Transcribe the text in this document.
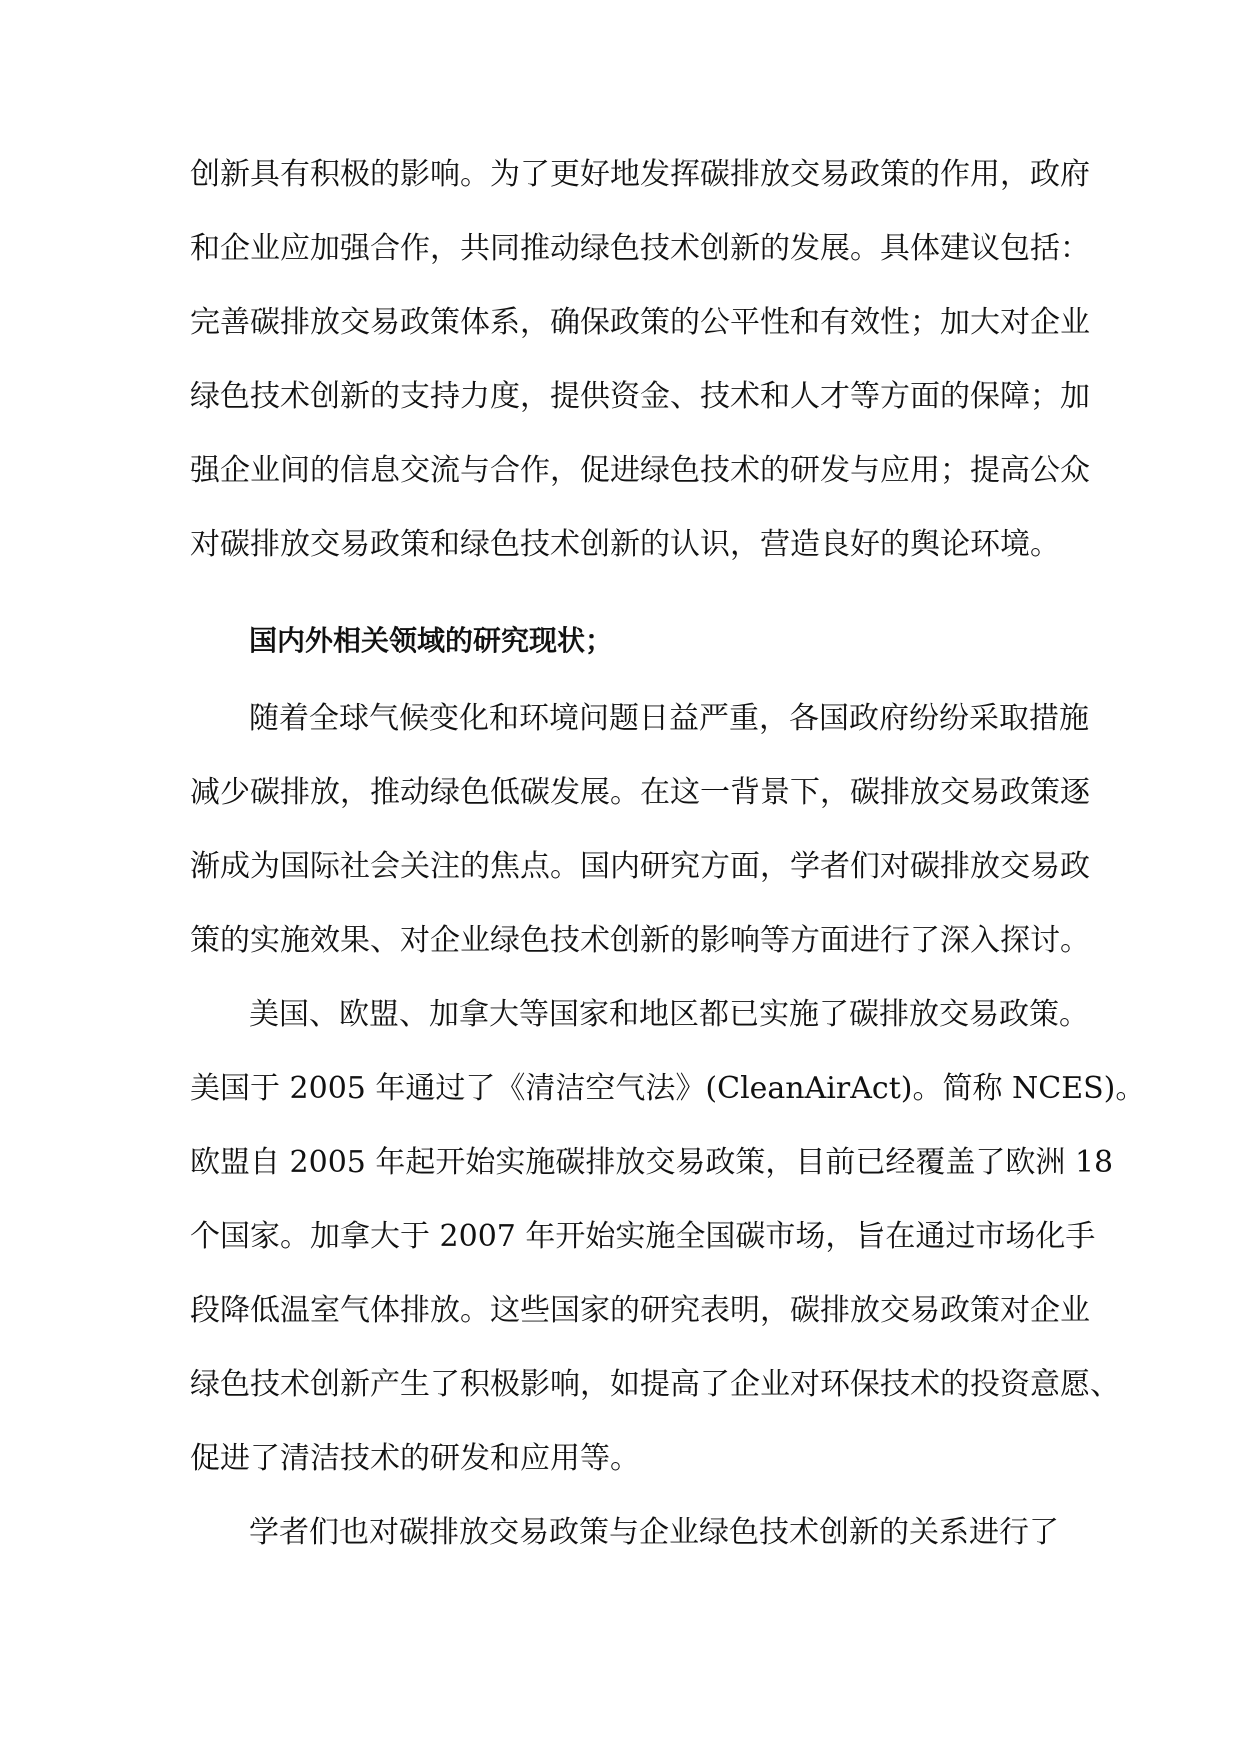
创新具有积极的影响。为了更好地发挥碳排放交易政策的作用，政府
和企业应加强合作，共同推动绿色技术创新的发展。具体建议包括：
完善碳排放交易政策体系，确保政策的公平性和有效性；加大对企业
绿色技术创新的支持力度，提供资金、技术和人才等方面的保障；加
强企业间的信息交流与合作，促进绿色技术的研发与应用；提高公众
对碳排放交易政策和绿色技术创新的认识，营造良好的舆论环境。
国内外相关领域的研究现状；
随着全球气候变化和环境问题日益严重，各国政府纷纷采取措施
减少碳排放，推动绿色低碳发展。在这一背景下，碳排放交易政策逐
渐成为国际社会关注的焦点。国内研究方面，学者们对碳排放交易政
策的实施效果、对企业绿色技术创新的影响等方面进行了深入探讨。
美国、欧盟、加拿大等国家和地区都已实施了碳排放交易政策。
美国于 2005 年通过了《清洁空气法》(CleanAirAct)。简称 NCES)。
欧盟自 2005 年起开始实施碳排放交易政策，目前已经覆盖了欧洲 18
个国家。加拿大于 2007 年开始实施全国碳市场，旨在通过市场化手
段降低温室气体排放。这些国家的研究表明，碳排放交易政策对企业
绿色技术创新产生了积极影响，如提高了企业对环保技术的投资意愿、
促进了清洁技术的研发和应用等。
学者们也对碳排放交易政策与企业绿色技术创新的关系进行了
